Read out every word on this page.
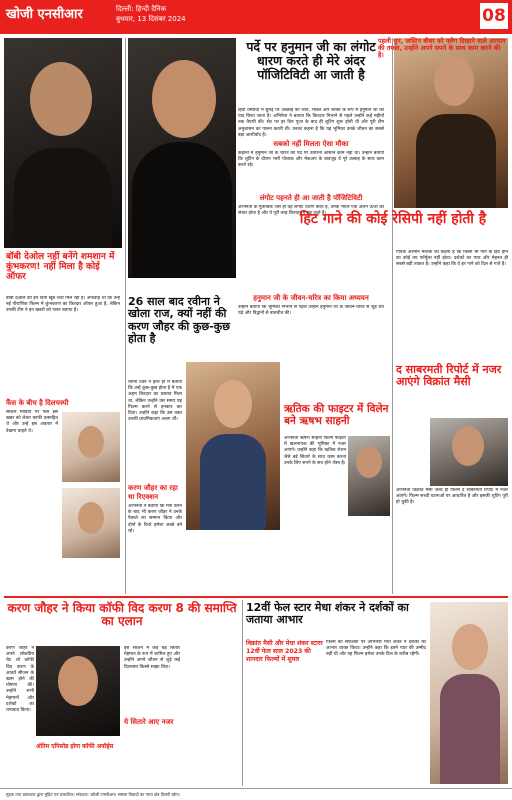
खोजी एनसीआर	दिल्ली: हिन्दी दैनिक
बुधवार, 13 दिसंबर 2024	08
बॉबी देओल नहीं बनेंगे शमशान में कुंभकरण! नहीं मिला है कोई ऑफर
बॉबी देओल को इन दिनों खूब चर्चा मिल रही है। अफवाह थी कि उन्हें नई पौराणिक फिल्म में कुंभकरण का किरदार ऑफर हुआ है, लेकिन उनकी टीम ने इन खबरों को गलत बताया है।
फैंस के बीच है दिलचस्पी
सोशल मीडिया पर फैंस इस खबर को लेकर काफी उत्साहित थे और उन्हें इस अवतार में देखना चाहते थे।
पर्दे पर हनुमान जी का लंगोट धारण करते ही मेरे अंदर पॉजिटिविटी आ जाती है
हिंदी धर्मग्रंथों में बुराई पर अच्छाई की जीत, भक्ति और शक्ति के रूप में हनुमान जी को याद किया जाता है। अभिनेता ने बताया कि किरदार निभाने से पहले उन्होंने कई महीनों तक तैयारी की। सेट पर हर दिन पूजा के बाद ही शूटिंग शुरू होती थी और पूरी टीम अनुशासन का पालन करती थी। उनका कहना है कि यह भूमिका उनके जीवन का सबसे बड़ा आशीर्वाद है।
सबको नहीं मिलता ऐसा मौका
कहानी में हनुमान जी के चरित्र को पर्दे पर उतारना आसान काम नहीं था। उन्होंने बताया कि शूटिंग के दौरान भारी पोशाक और मेकअप के बावजूद वे पूरे उत्साह के साथ काम करते रहे।
लंगोट पहनते ही आ जाती है पॉजिटिविटी
अभिनेता के मुताबिक जैसे ही वह लंगोट धारण करते हैं, उनके भीतर एक अलग ऊर्जा का संचार होता है और वे पूरी तरह किरदार में डूब जाते हैं।
हनुमान जी के जीवन-चरित्र का किया अध्ययन
उन्होंने बताया कि भूमिका निभाने से पहले उन्होंने हनुमान जी के जीवन-चरित्र से जुड़े ग्रंथ पढ़े और विद्वानों से बातचीत की।
26 साल बाद रवीना ने खोला राज, क्यों नहीं की करण जौहर की कुछ-कुछ होता है
रवीना टंडन ने हाल ही में बताया कि उन्हें कुछ-कुछ होता है में एक अहम किरदार का प्रस्ताव मिला था, लेकिन उन्होंने उस समय यह फिल्म करने से इनकार कर दिया। उन्होंने कहा कि उस वक्त उनकी प्राथमिकताएं अलग थीं।
करण जौहर का रहा था रिएक्शन
अभिनेत्री ने बताया कि मना करने के बाद भी करण जौहर ने उनके फैसले का सम्मान किया और दोनों के रिश्ते हमेशा अच्छे बने रहे।
ऋतिक की फाइटर में विलेन बने ऋषभ साहनी
अभिनेता ऋषभ साहनी फिल्म फाइटर में खलनायक की भूमिका में नजर आएंगे। उन्होंने कहा कि ऋतिक रोशन जैसे बड़े सितारे के साथ काम करना उनके लिए सपने के सच होने जैसा है।
पहली धुन, जस्टिन बीबर को फ्लैग दिखाने वाले अरमान की तमन्ना, उन्होंने अपने सपने के साथ काम करने की है।
हिट गाने की कोई रेसिपी नहीं होती है
गायक अरमान मलिक का कहना है कि किसी भी गाने के हिट होने का कोई तय फॉर्मूला नहीं होता। दर्शकों का प्यार और मेहनत ही सबसे बड़ी ताकत है। उन्होंने कहा कि वे हर गाने को दिल से गाते हैं।
द साबरमती रिपोर्ट में नजर आएंगे विक्रांत मैसी
अभिनेता विक्रांत मैसी जल्द ही फिल्म द साबरमती रिपोर्ट में नजर आएंगे। फिल्म सच्ची घटनाओं पर आधारित है और इसकी शूटिंग पूरी हो चुकी है।
करण जौहर ने किया कॉफी विद करण 8 की समाप्ति का एलान
करण जौहर ने अपने लोकप्रिय चैट शो कॉफी विद करण के आठवें सीजन के खत्म होने की घोषणा की। उन्होंने सभी मेहमानों और दर्शकों का धन्यवाद किया।
इस सीजन में कई बड़े सितारे मेहमान के रूप में शामिल हुए और उन्होंने अपने जीवन से जुड़े कई दिलचस्प किस्से साझा किए।
ये सितारे आए नजर
अंतिम एपिसोड होगा कॉफी अवॉर्ड्स
12वीं फेल स्टार मेधा शंकर ने दर्शकों का जताया आभार
विक्रांत मैसी और मेधा शंकर स्टारर 12वीं फेल साल 2023 की शानदार फिल्मों में शुमार
फिल्म की सफलता पर अभिनेत्री मेधा शंकर ने दर्शकों का आभार व्यक्त किया। उन्होंने कहा कि इतने प्यार की उम्मीद नहीं थी और यह फिल्म हमेशा उनके दिल के करीब रहेगी।
मुद्रक तथा प्रकाशक द्वारा मुद्रित एवं प्रकाशित। संपादक: खोजी एनसीआर। समस्त विवादों का न्याय क्षेत्र दिल्ली रहेगा।
